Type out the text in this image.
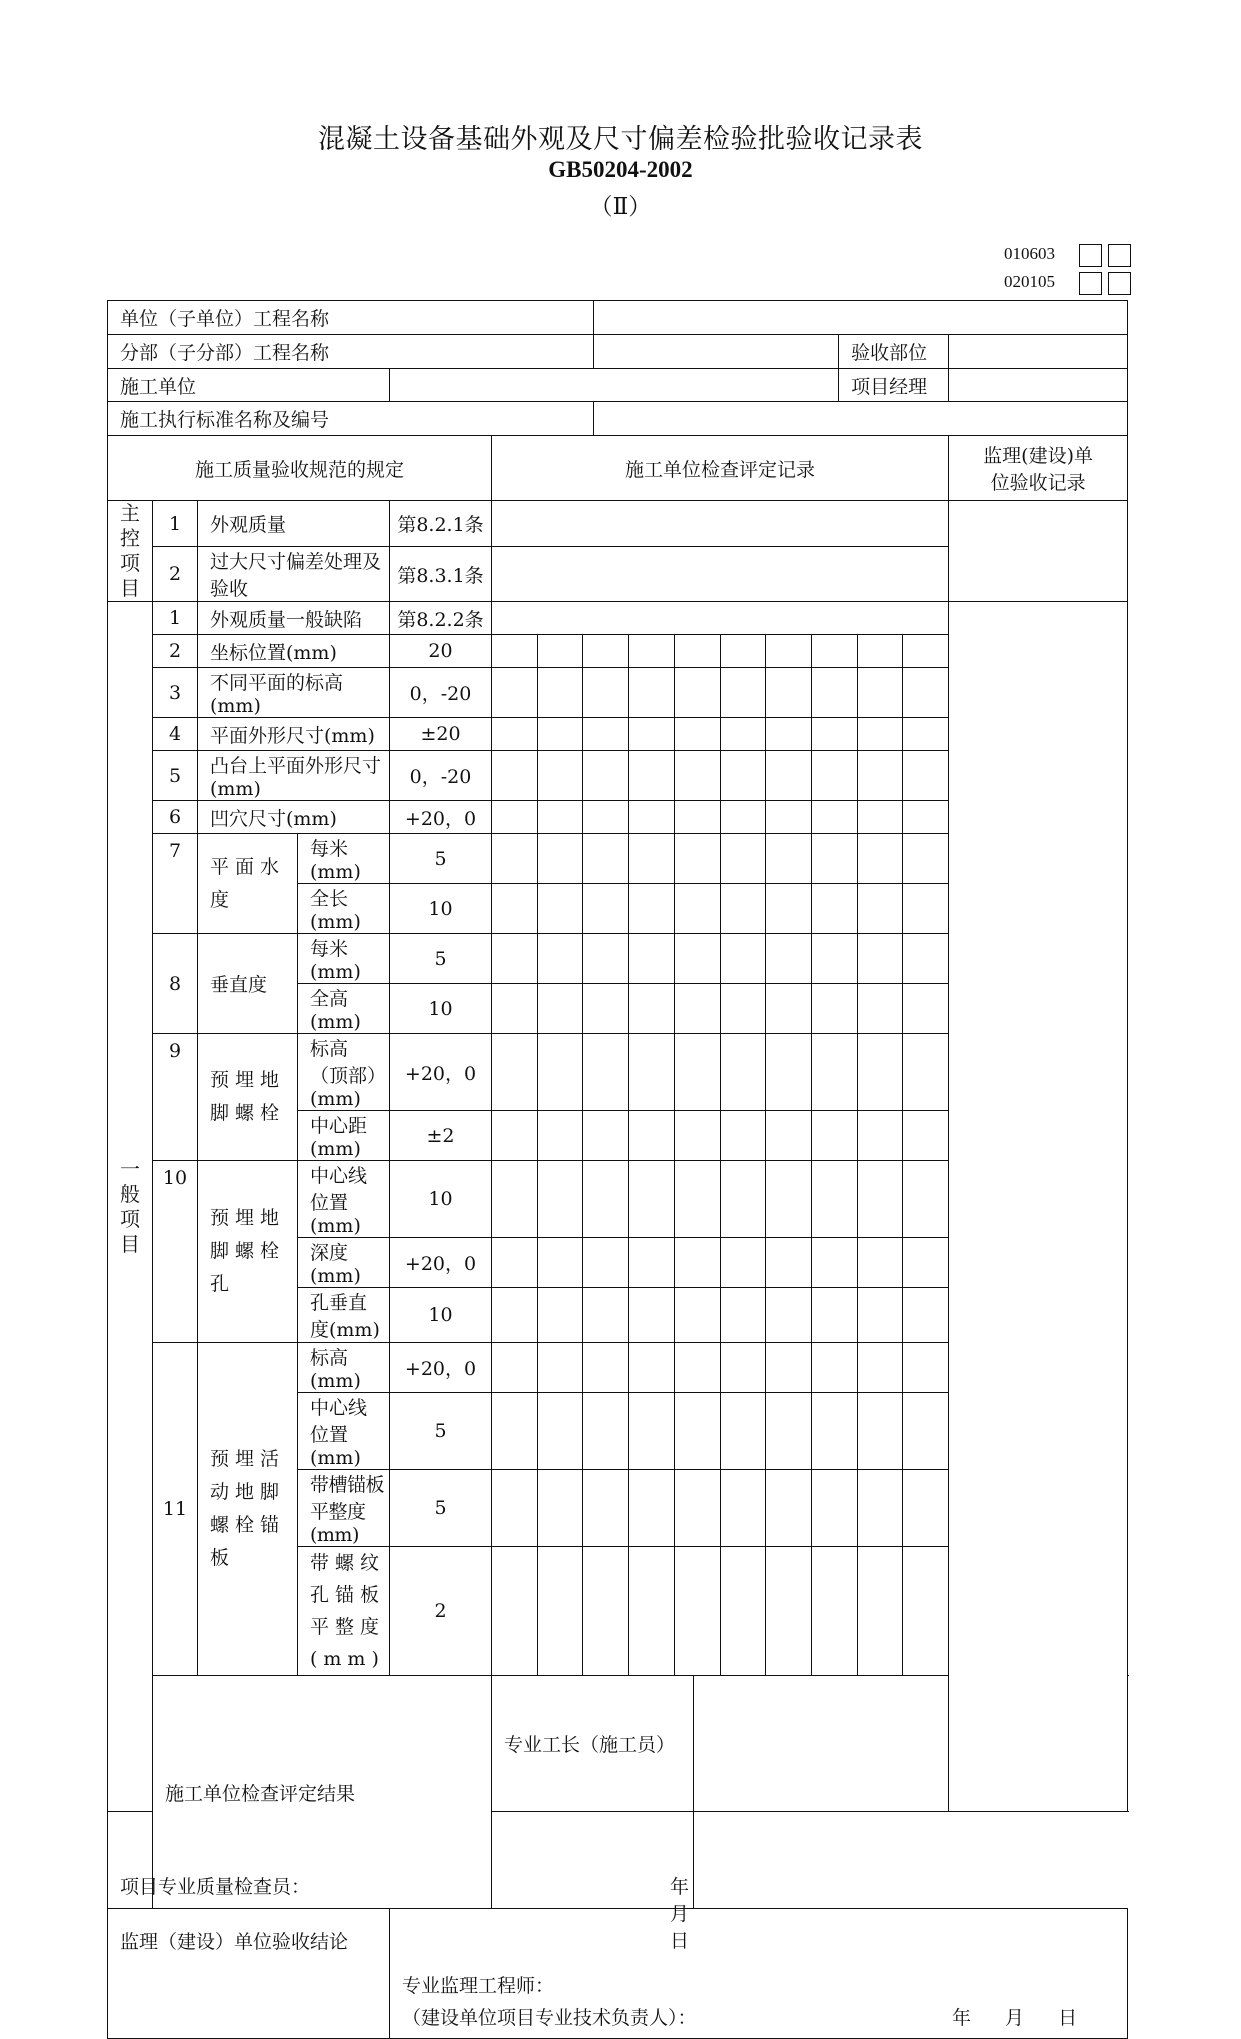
混凝土设备基础外观及尺寸偏差检验批验收记录表
GB50204-2002
（Ⅱ）
010603
020105
单位（子单位）工程名称										
分部（子分部）工程名称								验收部位		
施工单位								项目经理		
施工执行标准名称及编号										
施工质量验收规范的规定					施工单位检查评定记录				监理(建设)单
位验收记录	

主控项目	1	外观质量		第8.2.1条						
	2	过大尺寸偏差处理及验收		第8.3.1条						

一般项目	1	外观质量一般缺陷		第8.2.2条						
	2	坐标位置(mm)		20						

	3	不同平面的标高(mm)		0，-20						

	4	平面外形尺寸(mm)		±20						

	5	凸台上平面外形尺寸(mm)		0，-20						

	6	凹穴尺寸(mm)		+20，0						

	7	平面水度	每米(mm)	5						

			全长(mm)	10						

	8	垂直度	每米(mm)	5						

			全高(mm)	10						

	9	预埋地脚螺栓	标高（顶部）(mm)	+20，0						

			中心距(mm)	±2						

	10	预埋地脚螺栓孔	中心线位置(mm)	10						

			深度(mm)	+20，0						

			孔垂直度(mm)	10						

	11	预埋活动地脚螺栓锚板	标高(mm)	+20，0						

			中心线位置(mm)	5						

			带槽锚板平整度(mm)	5						

			带螺纹孔锚板平整度(mm)	2						

	施工单位检查评定结果				专业工长（施工员）		

项目专业质量检查员： 年 月 日										

监理（建设）单位验收结论				专业监理工程师：
（建设单位项目专业技术负责人）： 年 月 日						
